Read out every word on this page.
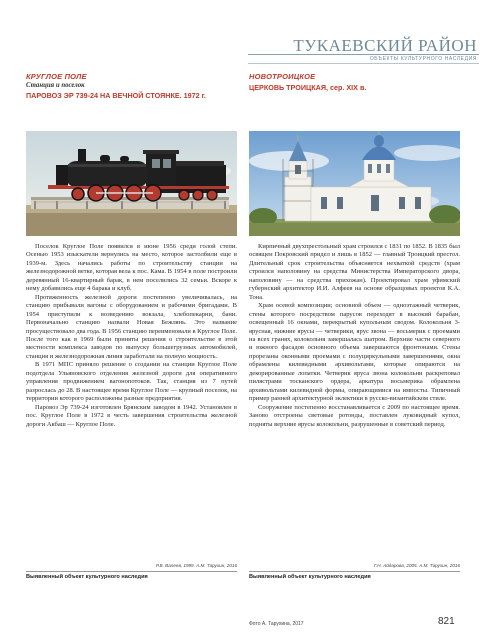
ТУКАЕВСКИЙ РАЙОН
ОБЪЕКТЫ КУЛЬТУРНОГО НАСЛЕДИЯ
КРУГЛОЕ ПОЛЕ
Станция и поселок
ПАРОВОЗ ЭР 739-24 НА ВЕЧНОЙ СТОЯНКЕ. 1972 г.
НОВОТРОИЦКОЕ
ЦЕРКОВЬ ТРОИЦКАЯ, сер. XIX в.

Поселок Круглое Поле появился в июне 1956 среди голой степи. Осенью 1953 изыскатели вернулись на место, которое застолбили еще в 1939-м. Здесь начались работы по строительству станции на железнодорожной ветке, которая вела к пос. Кама. В 1954 в поле построили деревянный 16-квартирный барак, в нем поселились 32 семьи. Вскоре к нему добавились еще 4 барака и клуб.

Протяженность железной дороги постепенно увеличивалась, на станцию прибывали вагоны с оборудованием и рабочими бригадами. В 1954 приступили к возведению вокзала, хлебопекарни, бани. Первоначально станцию назвали Новая Бежлянь. Это название просуществовало два года. В 1956 станцию переименовали в Круглое Поле. После того как в 1969 были приняты решения о строительстве в этой местности комплекса заводов по выпуску большегрузных автомобилей, станция и железнодорожная линия заработали на полную мощность.

В 1971 МПС приняло решение о создании на станции Круглое Поле подотдела Ульяновского отделения железной дороги для оперативного управления продвижением вагонопотоков. Так, станция из 7 путей разрослась до 28. В настоящее время Круглое Поле — крупный поселок, на территории которого расположены разные предприятия.

Паровоз Эр 739-24 изготовлен Брянским заводом в 1942. Установлен в пос. Круглое Поле в 1972 в честь завершения строительства железной дороги Акбаш — Круглое Поле.

Р.В. Валеев, 1999. А.М. Тарухин, 2016
Выявленный объект культурного наследия

Кирпичный двухпрестольный храм строился с 1831 по 1852. В 1835 был освящен Покровский придел и лишь в 1852 — главный Троицкий престол. Длительный срок строительства объясняется нехваткой средств (храм строился наполовину на средства Министерства Императорского двора, наполовину — на средства прихожан). Проектировал храм уфимский губернский архитектор И.И. Алфеев на основе образцовых проектов К.А. Тона.

Храм осевой композиции; основной объем — одноэтажный четверик, стены которого посредством парусов переходят в высокий барабан, освещенный 16 окнами, перекрытый купольным сводом. Колокольня 3-ярусная, нижние ярусы — четверики, ярус звона — восьмерик с проемами на всех гранях, колокольня завершалась шатром. Верхние части северного и южного фасадов основного объема завершаются фронтонами. Стены прорезаны оконными проемами с полуциркульными завершениями, окна обрамлены килевидными архивольтами, которые опираются на декорированные лопатки. Четверик яруса звона колокольни раскреповал пилястрами тосканского ордера, аркатура восьмерика обрамлена архивольтами килевидной формы, опирающимися на импосты. Типичный пример ранней архитектурной эклектики в русско-византийском стиле.

Сооружение постепенно восстанавливается с 2009 по настоящее время. Заново отстроены световые ротонды, поставлен луковидный купол, подняты верхние ярусы колокольни, разрушенные в советский период.

Г.Н. Айдарова, 2005. А.М. Тарухин, 2016
Выявленный объект культурного наследия
Фото А. Тарухина, 2017	821
